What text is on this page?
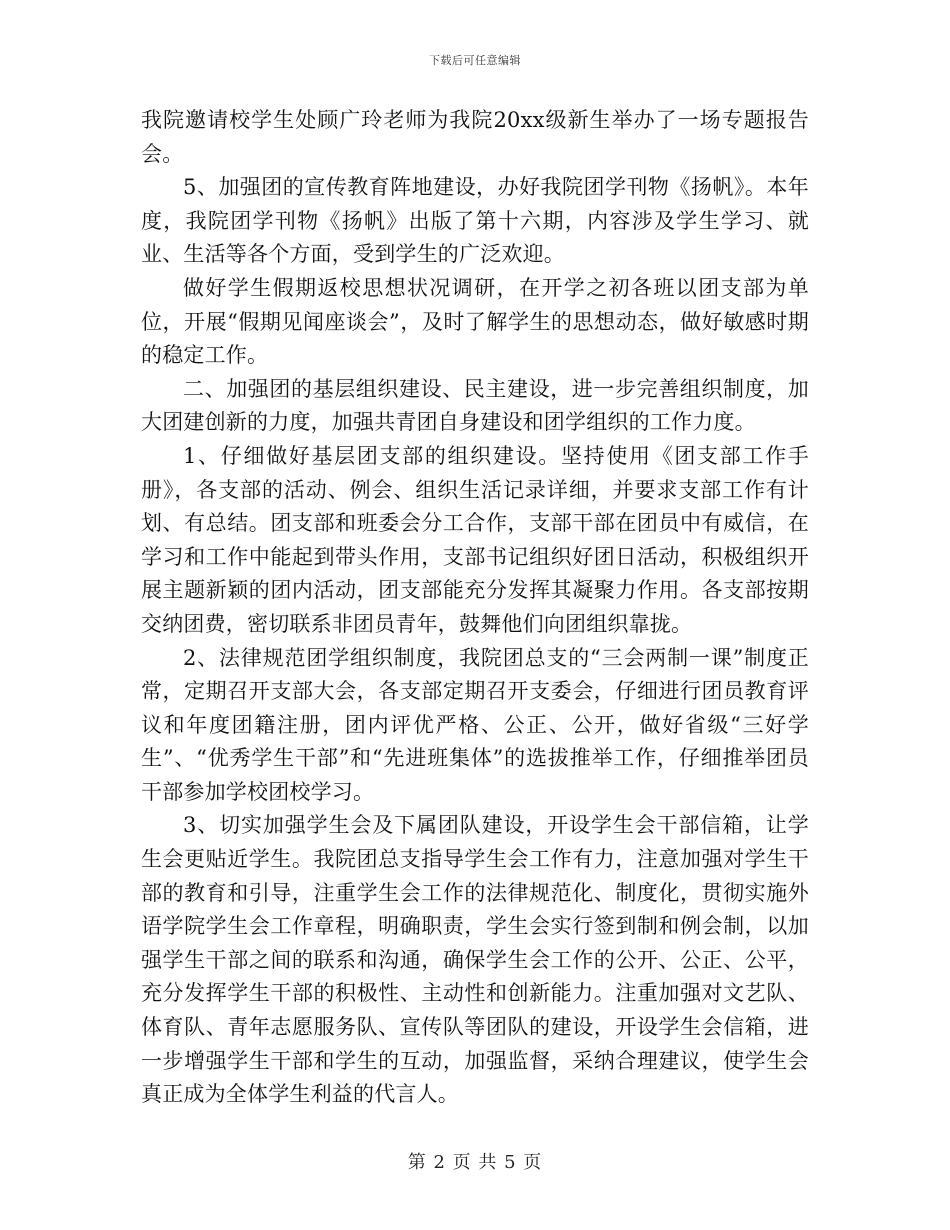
下载后可任意编辑

我院邀请校学生处顾广玲老师为我院20xx级新生举办了一场专题报告会。

5、加强团的宣传教育阵地建设，办好我院团学刊物《扬帆》。本年度，我院团学刊物《扬帆》出版了第十六期，内容涉及学生学习、就业、生活等各个方面，受到学生的广泛欢迎。

做好学生假期返校思想状况调研，在开学之初各班以团支部为单位，开展“假期见闻座谈会”，及时了解学生的思想动态，做好敏感时期的稳定工作。

二、加强团的基层组织建设、民主建设，进一步完善组织制度，加大团建创新的力度，加强共青团自身建设和团学组织的工作力度。

1、仔细做好基层团支部的组织建设。坚持使用《团支部工作手册》，各支部的活动、例会、组织生活记录详细，并要求支部工作有计划、有总结。团支部和班委会分工合作，支部干部在团员中有威信，在学习和工作中能起到带头作用，支部书记组织好团日活动，积极组织开展主题新颖的团内活动，团支部能充分发挥其凝聚力作用。各支部按期交纳团费，密切联系非团员青年，鼓舞他们向团组织靠拢。

2、法律规范团学组织制度，我院团总支的“三会两制一课”制度正常，定期召开支部大会，各支部定期召开支委会，仔细进行团员教育评议和年度团籍注册，团内评优严格、公正、公开，做好省级“三好学生”、“优秀学生干部”和“先进班集体”的选拔推举工作，仔细推举团员干部参加学校团校学习。

3、切实加强学生会及下属团队建设，开设学生会干部信箱，让学生会更贴近学生。我院团总支指导学生会工作有力，注意加强对学生干部的教育和引导，注重学生会工作的法律规范化、制度化，贯彻实施外语学院学生会工作章程，明确职责，学生会实行签到制和例会制，以加强学生干部之间的联系和沟通，确保学生会工作的公开、公正、公平，充分发挥学生干部的积极性、主动性和创新能力。注重加强对文艺队、体育队、青年志愿服务队、宣传队等团队的建设，开设学生会信箱，进一步增强学生干部和学生的互动，加强监督，采纳合理建议，使学生会真正成为全体学生利益的代言人。

第 2 页 共 5 页
